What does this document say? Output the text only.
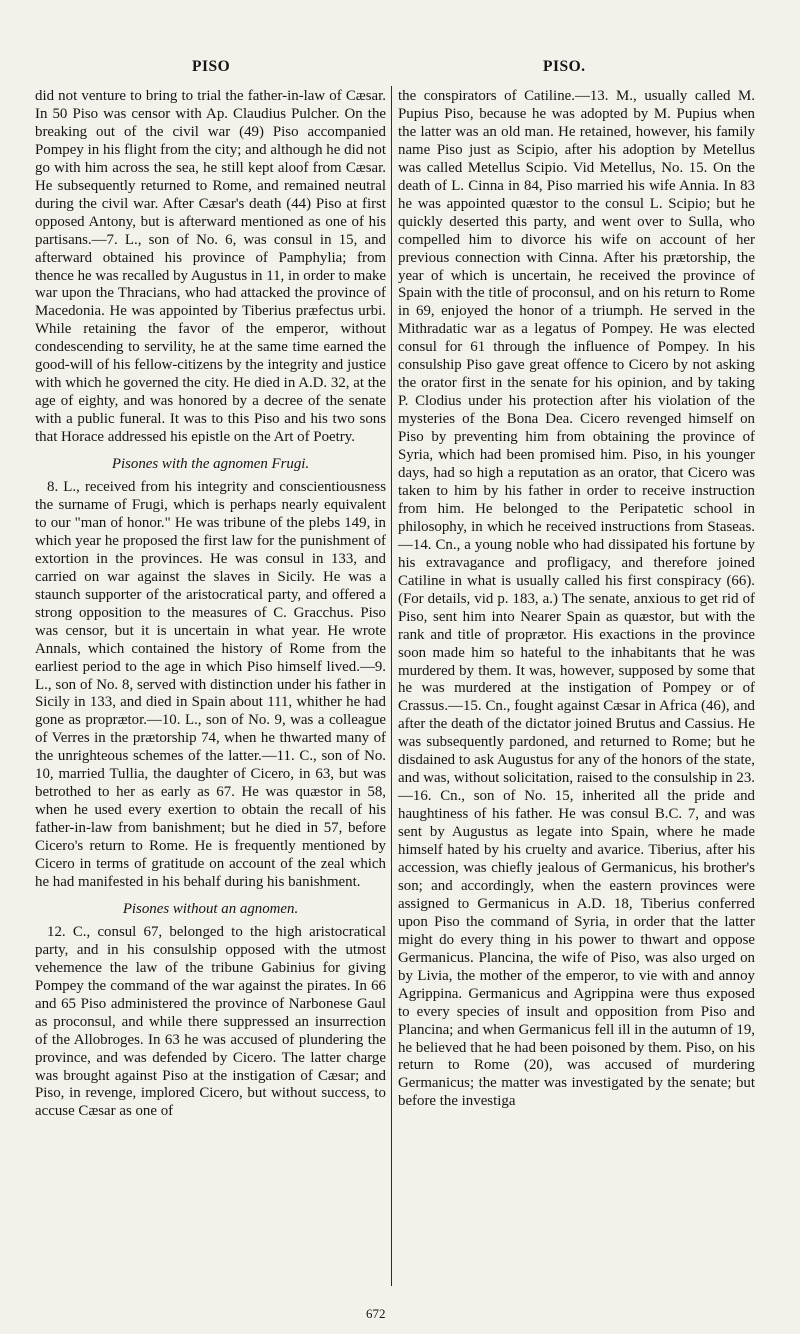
PISO	PISO.

did not venture to bring to trial the father-in-law of Cæsar. In 50 Piso was censor with Ap. Claudius Pulcher. On the breaking out of the civil war (49) Piso accompanied Pompey in his flight from the city; and although he did not go with him across the sea, he still kept aloof from Cæsar. He subsequently returned to Rome, and remained neutral during the civil war. After Cæsar's death (44) Piso at first opposed Antony, but is afterward mentioned as one of his partisans.—7. L., son of No. 6, was consul in 15, and afterward obtained his province of Pamphylia; from thence he was recalled by Augustus in 11, in order to make war upon the Thracians, who had attacked the province of Macedonia. He was appointed by Tiberius præfectus urbi. While retaining the favor of the emperor, without condescending to servility, he at the same time earned the good-will of his fellow-citizens by the integrity and justice with which he governed the city. He died in A.D. 32, at the age of eighty, and was honored by a decree of the senate with a public funeral. It was to this Piso and his two sons that Horace addressed his epistle on the Art of Poetry.

Pisones with the agnomen Frugi.

8. L., received from his integrity and conscientiousness the surname of Frugi, which is perhaps nearly equivalent to our "man of honor." He was tribune of the plebs 149, in which year he proposed the first law for the punishment of extortion in the provinces. He was consul in 133, and carried on war against the slaves in Sicily. He was a staunch supporter of the aristocratical party, and offered a strong opposition to the measures of C. Gracchus. Piso was censor, but it is uncertain in what year. He wrote Annals, which contained the history of Rome from the earliest period to the age in which Piso himself lived.—9. L., son of No. 8, served with distinction under his father in Sicily in 133, and died in Spain about 111, whither he had gone as proprætor.—10. L., son of No. 9, was a colleague of Verres in the prætorship 74, when he thwarted many of the unrighteous schemes of the latter.—11. C., son of No. 10, married Tullia, the daughter of Cicero, in 63, but was betrothed to her as early as 67. He was quæstor in 58, when he used every exertion to obtain the recall of his father-in-law from banishment; but he died in 57, before Cicero's return to Rome. He is frequently mentioned by Cicero in terms of gratitude on account of the zeal which he had manifested in his behalf during his banishment.

Pisones without an agnomen.

12. C., consul 67, belonged to the high aristocratical party, and in his consulship opposed with the utmost vehemence the law of the tribune Gabinius for giving Pompey the command of the war against the pirates. In 66 and 65 Piso administered the province of Narbonese Gaul as proconsul, and while there suppressed an insurrection of the Allobroges. In 63 he was accused of plundering the province, and was defended by Cicero. The latter charge was brought against Piso at the instigation of Cæsar; and Piso, in revenge, implored Cicero, but without success, to accuse Cæsar as one of

the conspirators of Catiline.—13. M., usually called M. Pupius Piso, because he was adopted by M. Pupius when the latter was an old man. He retained, however, his family name Piso just as Scipio, after his adoption by Metellus was called Metellus Scipio. Vid Metellus, No. 15. On the death of L. Cinna in 84, Piso married his wife Annia. In 83 he was appointed quæstor to the consul L. Scipio; but he quickly deserted this party, and went over to Sulla, who compelled him to divorce his wife on account of her previous connection with Cinna. After his prætorship, the year of which is uncertain, he received the province of Spain with the title of proconsul, and on his return to Rome in 69, enjoyed the honor of a triumph. He served in the Mithradatic war as a legatus of Pompey. He was elected consul for 61 through the influence of Pompey. In his consulship Piso gave great offence to Cicero by not asking the orator first in the senate for his opinion, and by taking P. Clodius under his protection after his violation of the mysteries of the Bona Dea. Cicero revenged himself on Piso by preventing him from obtaining the province of Syria, which had been promised him. Piso, in his younger days, had so high a reputation as an orator, that Cicero was taken to him by his father in order to receive instruction from him. He belonged to the Peripatetic school in philosophy, in which he received instructions from Staseas.—14. Cn., a young noble who had dissipated his fortune by his extravagance and profligacy, and therefore joined Catiline in what is usually called his first conspiracy (66). (For details, vid p. 183, a.) The senate, anxious to get rid of Piso, sent him into Nearer Spain as quæstor, but with the rank and title of proprætor. His exactions in the province soon made him so hateful to the inhabitants that he was murdered by them. It was, however, supposed by some that he was murdered at the instigation of Pompey or of Crassus.—15. Cn., fought against Cæsar in Africa (46), and after the death of the dictator joined Brutus and Cassius. He was subsequently pardoned, and returned to Rome; but he disdained to ask Augustus for any of the honors of the state, and was, without solicitation, raised to the consulship in 23.—16. Cn., son of No. 15, inherited all the pride and haughtiness of his father. He was consul B.C. 7, and was sent by Augustus as legate into Spain, where he made himself hated by his cruelty and avarice. Tiberius, after his accession, was chiefly jealous of Germanicus, his brother's son; and accordingly, when the eastern provinces were assigned to Germanicus in A.D. 18, Tiberius conferred upon Piso the command of Syria, in order that the latter might do every thing in his power to thwart and oppose Germanicus. Plancina, the wife of Piso, was also urged on by Livia, the mother of the emperor, to vie with and annoy Agrippina. Germanicus and Agrippina were thus exposed to every species of insult and opposition from Piso and Plancina; and when Germanicus fell ill in the autumn of 19, he believed that he had been poisoned by them. Piso, on his return to Rome (20), was accused of murdering Germanicus; the matter was investigated by the senate; but before the investiga

672
